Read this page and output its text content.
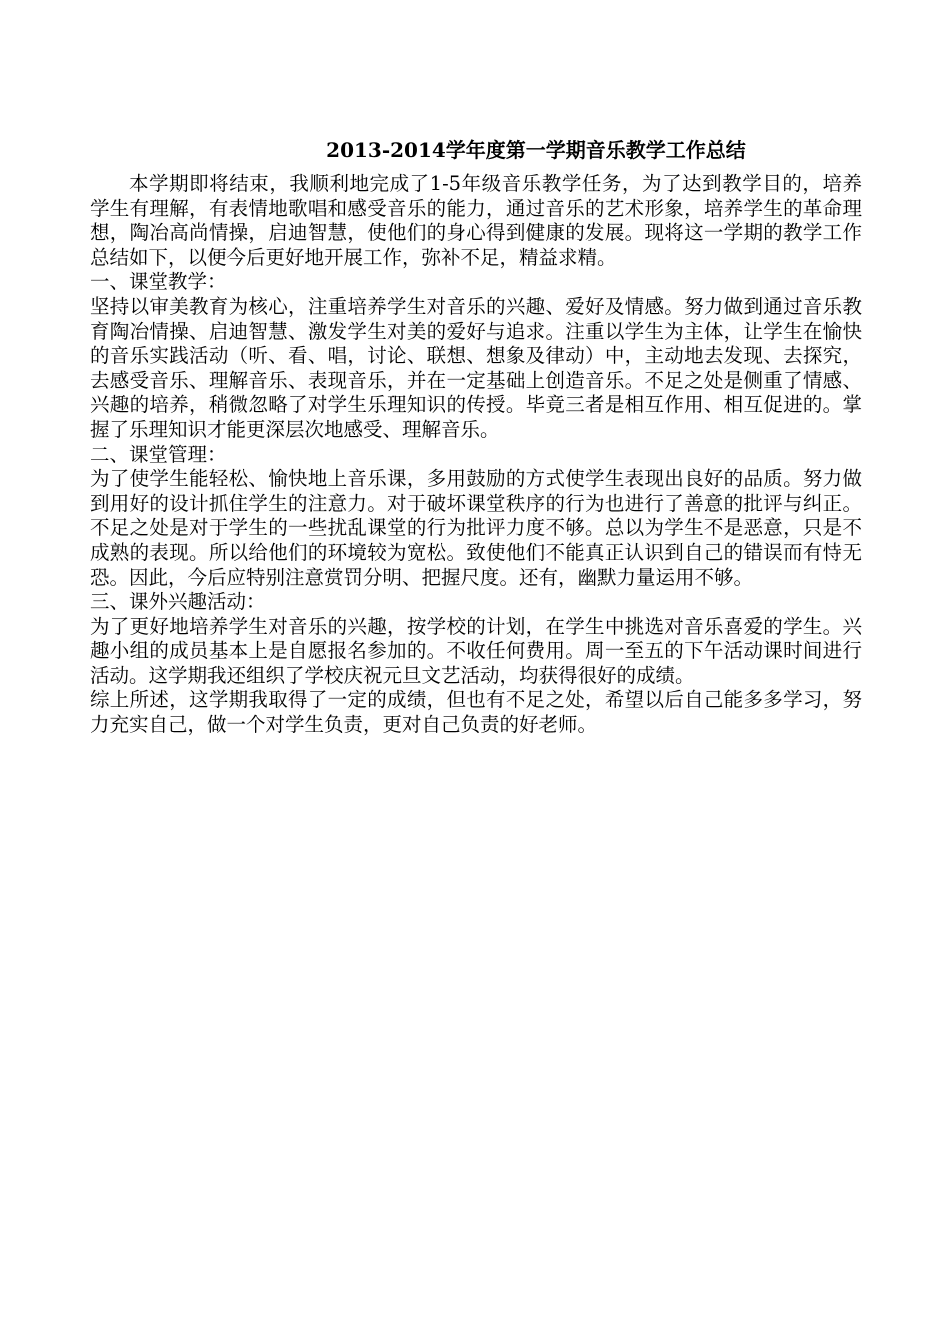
2013-2014学年度第一学期音乐教学工作总结

本学期即将结束，我顺利地完成了1-5年级音乐教学任务，为了达到教学目的，培养学生有理解，有表情地歌唱和感受音乐的能力，通过音乐的艺术形象，培养学生的革命理想，陶冶高尚情操，启迪智慧，使他们的身心得到健康的发展。现将这一学期的教学工作总结如下，以便今后更好地开展工作，弥补不足，精益求精。

一、课堂教学：

坚持以审美教育为核心，注重培养学生对音乐的兴趣、爱好及情感。努力做到通过音乐教育陶冶情操、启迪智慧、激发学生对美的爱好与追求。注重以学生为主体，让学生在愉快的音乐实践活动（听、看、唱，讨论、联想、想象及律动）中，主动地去发现、去探究，去感受音乐、理解音乐、表现音乐，并在一定基础上创造音乐。不足之处是侧重了情感、兴趣的培养，稍微忽略了对学生乐理知识的传授。毕竟三者是相互作用、相互促进的。掌握了乐理知识才能更深层次地感受、理解音乐。

二、课堂管理：

为了使学生能轻松、愉快地上音乐课，多用鼓励的方式使学生表现出良好的品质。努力做到用好的设计抓住学生的注意力。对于破坏课堂秩序的行为也进行了善意的批评与纠正。不足之处是对于学生的一些扰乱课堂的行为批评力度不够。总以为学生不是恶意，只是不成熟的表现。所以给他们的环境较为宽松。致使他们不能真正认识到自己的错误而有恃无恐。因此，今后应特别注意赏罚分明、把握尺度。还有，幽默力量运用不够。

三、课外兴趣活动：

为了更好地培养学生对音乐的兴趣，按学校的计划，在学生中挑选对音乐喜爱的学生。兴趣小组的成员基本上是自愿报名参加的。不收任何费用。周一至五的下午活动课时间进行活动。这学期我还组织了学校庆祝元旦文艺活动，均获得很好的成绩。

综上所述，这学期我取得了一定的成绩，但也有不足之处，希望以后自己能多多学习，努力充实自己，做一个对学生负责，更对自己负责的好老师。
